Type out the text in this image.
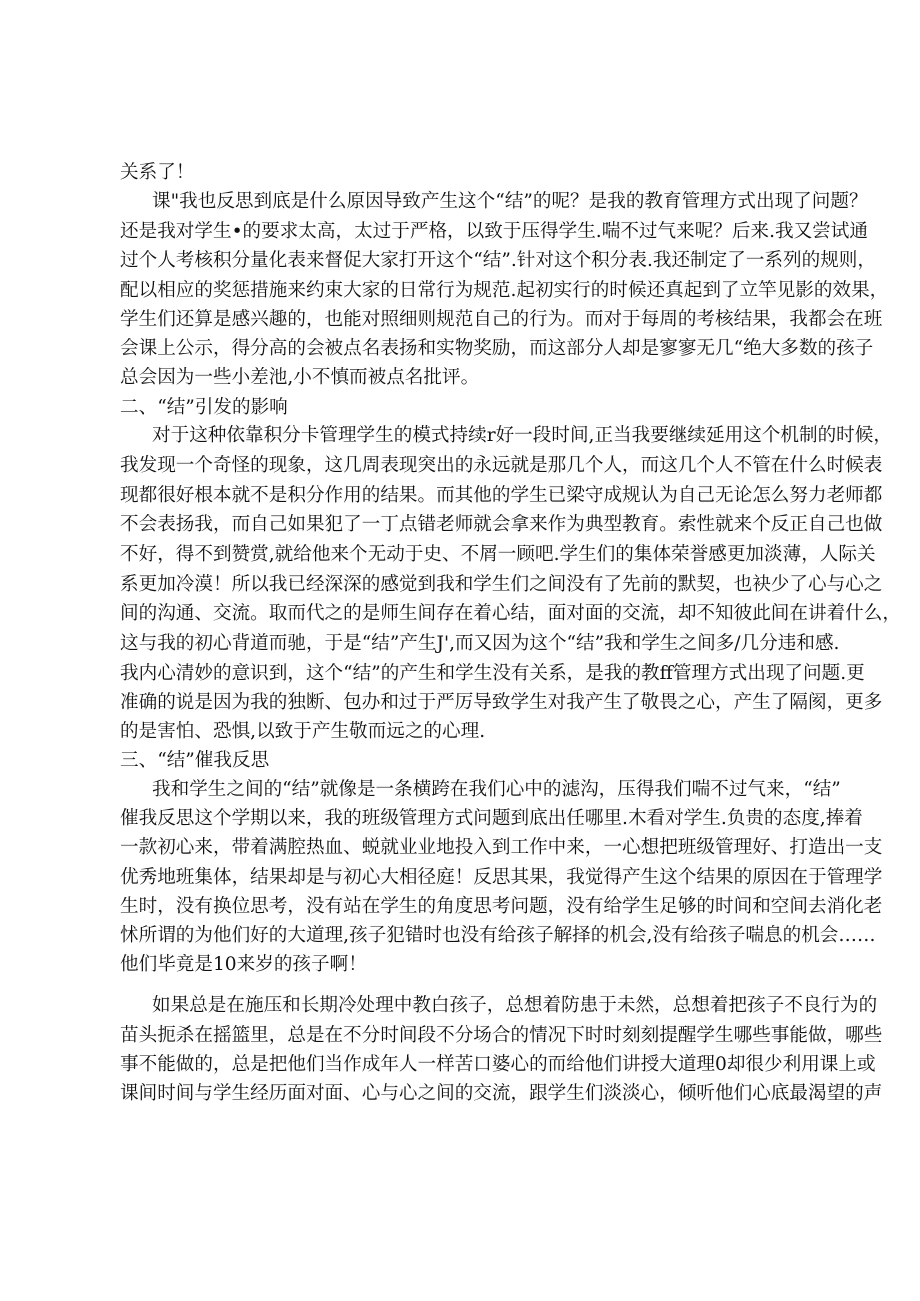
关系了！
课"我也反思到底是什么原因导致产生这个“结”的呢？是我的教育管理方式出现了问题？
还是我对学生•的要求太高，太过于严格，以致于压得学生.喘不过气来呢？后来.我又尝试通
过个人考核积分量化表来督促大家打开这个“结”.针对这个积分表.我还制定了一系列的规则，
配以相应的奖惩措施来约束大家的日常行为规范.起初实行的时候还真起到了立竿见影的效果，
学生们还算是感兴趣的，也能对照细则规范自己的行为。而对于每周的考核结果，我都会在班
会课上公示，得分高的会被点名表扬和实物奖励，而这部分人却是寥寥无几“绝大多数的孩子
总会因为一些小差池,小不慎而被点名批评。
二、“结”引发的影响
对于这种依靠积分卡管理学生的模式持续r好一段时间,正当我要继续延用这个机制的时候，
我发现一个奇怪的现象，这几周表现突出的永远就是那几个人，而这几个人不管在什么时候表
现都很好根本就不是积分作用的结果。而其他的学生已梁守成规认为自己无论怎么努力老师都
不会表扬我，而自己如果犯了一丁点错老师就会拿来作为典型教育。索性就来个反正自己也做
不好，得不到赞赏,就给他来个无动于史、不屑一顾吧.学生们的集体荣誉感更加淡薄，人际关
系更加冷漠！所以我已经深深的感觉到我和学生们之间没有了先前的默契，也袂少了心与心之
间的沟通、交流。取而代之的是师生间存在着心结，面对面的交流，却不知彼此间在讲着什么，
这与我的初心背道而驰，于是“结”产生J',而又因为这个“结”我和学生之间多/几分违和感.
我内心清妙的意识到，这个“结”的产生和学生没有关系，是我的教ff管理方式出现了问题.更
准确的说是因为我的独断、包办和过于严厉导致学生对我产生了敬畏之心，产生了隔阂，更多
的是害怕、恐惧,以致于产生敬而远之的心理.
三、“结”催我反思
我和学生之间的“结”就像是一条横跨在我们心中的滤沟，压得我们喘不过气来，“结”
催我反思这个学期以来，我的班级管理方式问题到底出任哪里.木看对学生.负贵的态度,捧着
一款初心来，带着满腔热血、蜕就业业地投入到工作中来，一心想把班级管理好、打造出一支
优秀地班集体，结果却是与初心大相径庭！反思其果，我觉得产生这个结果的原因在于管理学
生时，没有换位思考，没有站在学生的角度思考问题，没有给学生足够的时间和空间去消化老
怵所谓的为他们好的大道理,孩子犯错时也没有给孩子解择的机会,没有给孩子喘息的机会……
他们毕竟是10来岁的孩子啊！
如果总是在施压和长期冷处理中教白孩子，总想着防患于未然，总想着把孩子不良行为的
苗头扼杀在摇篮里，总是在不分时间段不分场合的情况下时时刻刻提醒学生哪些事能做，哪些
事不能做的，总是把他们当作成年人一样苦口婆心的而给他们讲授大道理0却很少利用课上或
课间时间与学生经历面对面、心与心之间的交流，跟学生们淡淡心，倾听他们心底最渴望的声
